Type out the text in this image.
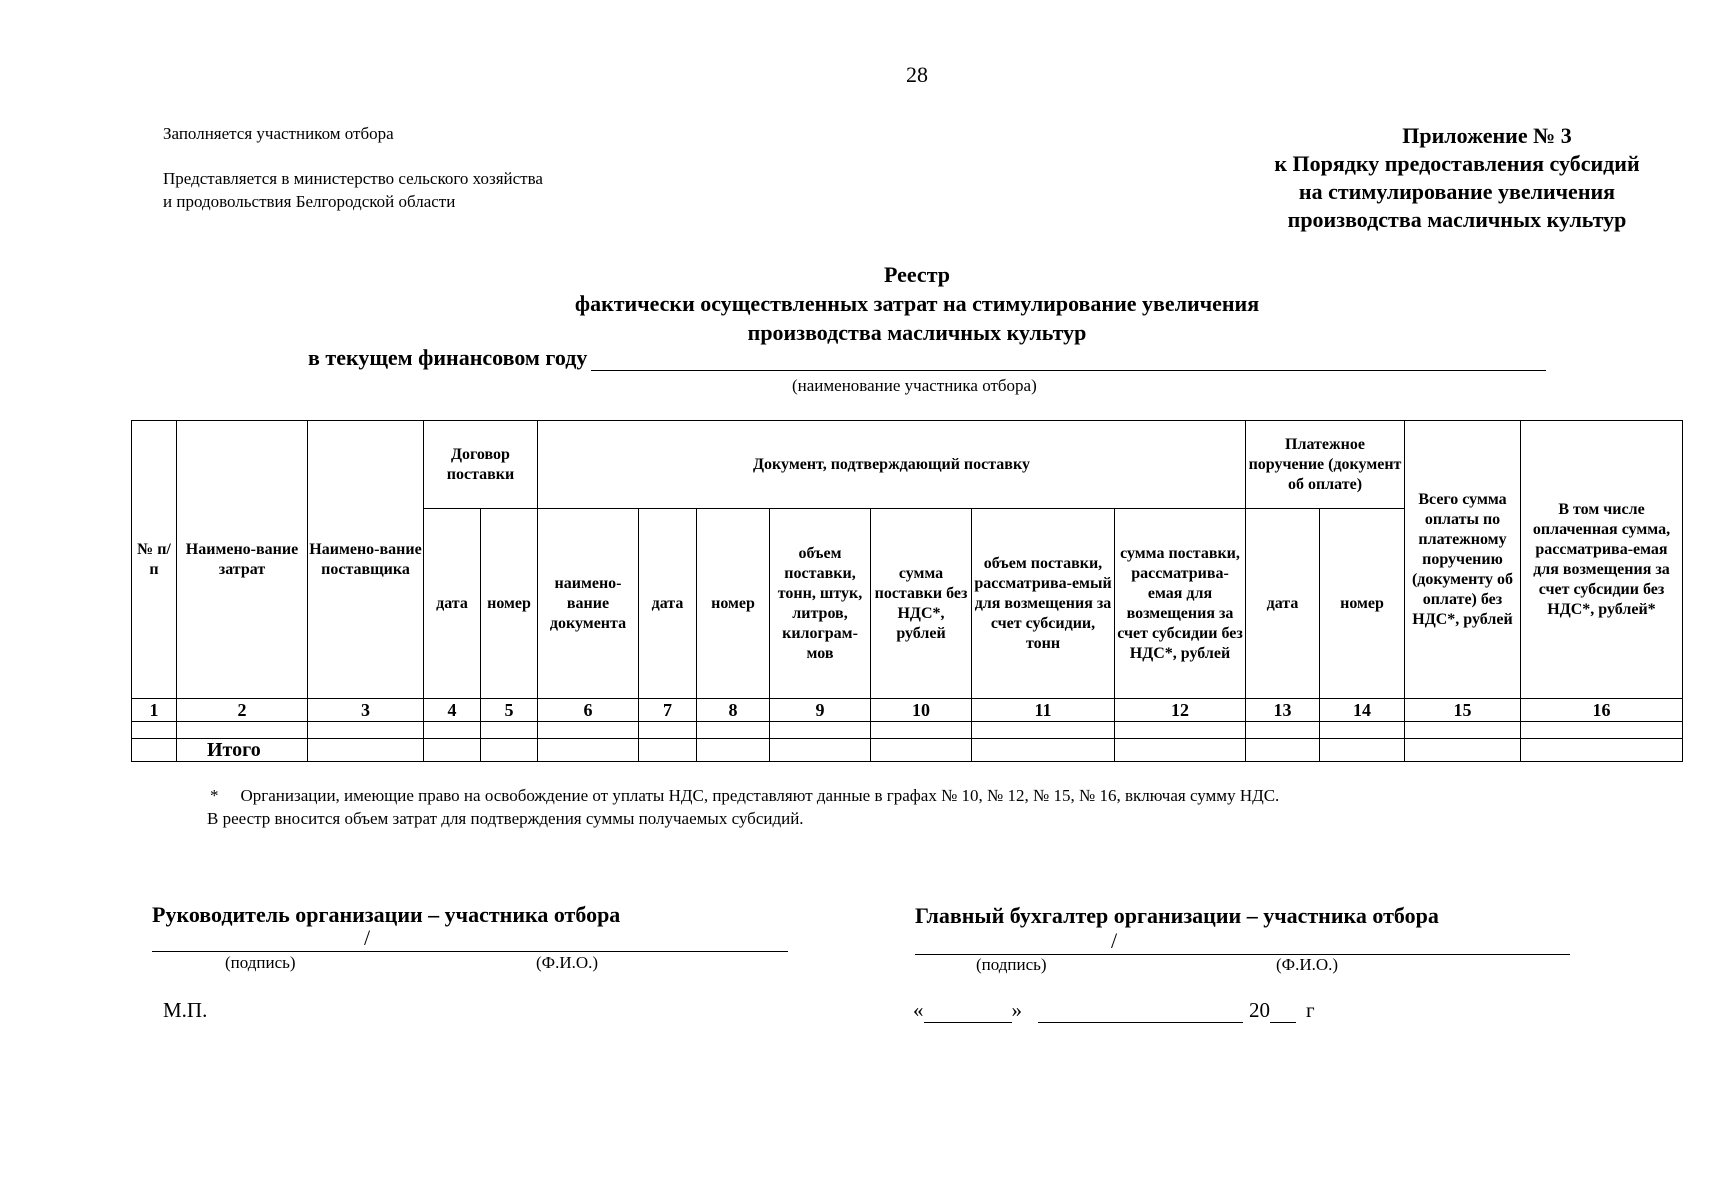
28
Заполняется участником отбора
Представляется в министерство сельского хозяйства
и продовольствия Белгородской области
Приложение № 3
к Порядку предоставления субсидий
на стимулирование увеличения
производства масличных культур
Реестр
фактически осуществленных затрат на стимулирование увеличения
производства масличных культур
в текущем финансовом году
(наименование участника отбора)
№ п/п	Наимено-вание затрат	Наимено-вание поставщика	Договор поставки		Документ, подтверждающий поставку							Платежное поручение (документ об оплате)		Всего сумма оплаты по платежному поручению (документу об оплате) без НДС*, рублей	В том числе оплаченная сумма, рассматрива-емая для возмещения за счет субсидии без НДС*, рублей*
			дата	номер	наимено-вание документа	дата	номер	объем поставки, тонн, штук, литров, килограм-мов	сумма поставки без НДС*, рублей	объем поставки, рассматрива-емый для возмещения за счет субсидии, тонн	сумма поставки, рассматрива-емая для возмещения за счет субсидии без НДС*, рублей	дата	номер		
1	2	3	4	5	6	7	8	9	10	11	12	13	14	15	16

	Итого														
* Организации, имеющие право на освобождение от уплаты НДС, представляют данные в графах № 10, № 12, № 15, № 16, включая сумму НДС.
В реестр вносится объем затрат для подтверждения суммы получаемых субсидий.
Руководитель организации – участника отбора
/
(подпись)	(Ф.И.О.)
Главный бухгалтер организации – участника отбора
/
(подпись)	(Ф.И.О.)
М.П.	«	»	20 г
